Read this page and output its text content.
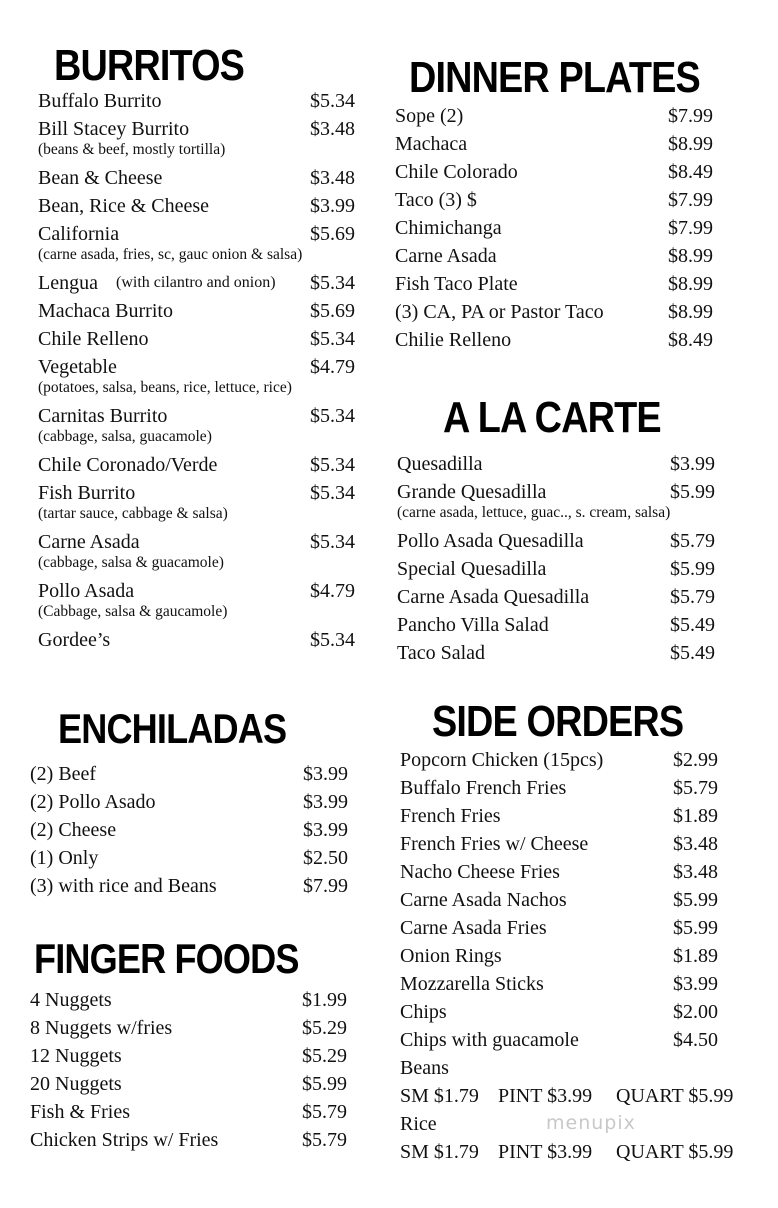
BURRITOS
Buffalo Burrito	$5.34
Bill Stacey Burrito	$3.48
(beans & beef, mostly tortilla)
Bean & Cheese	$3.48
Bean, Rice & Cheese	$3.99
California	$5.69
(carne asada, fries, sc, gauc onion & salsa)
Lengua (with cilantro and onion) $5.34
Machaca Burrito	$5.69
Chile Relleno	$5.34
Vegetable	$4.79
(potatoes, salsa, beans, rice, lettuce, rice)
Carnitas Burrito	$5.34
(cabbage, salsa, guacamole)
Chile Coronado/Verde	$5.34
Fish Burrito	$5.34
(tartar sauce, cabbage & salsa)
Carne Asada	$5.34
(cabbage, salsa & guacamole)
Pollo Asada	$4.79
(Cabbage, salsa & gaucamole)
Gordee’s	$5.34
ENCHILADAS
(2) Beef	$3.99
(2) Pollo Asado	$3.99
(2) Cheese	$3.99
(1) Only	$2.50
(3) with rice and Beans	$7.99
FINGER FOODS
4 Nuggets	$1.99
8 Nuggets w/fries	$5.29
12 Nuggets	$5.29
20 Nuggets	$5.99
Fish & Fries	$5.79
Chicken Strips w/ Fries	$5.79
DINNER PLATES
Sope (2)	$7.99
Machaca	$8.99
Chile Colorado	$8.49
Taco (3) $	$7.99
Chimichanga	$7.99
Carne Asada	$8.99
Fish Taco Plate	$8.99
(3) CA, PA or Pastor Taco	$8.99
Chilie Relleno	$8.49
A LA CARTE
Quesadilla	$3.99
Grande Quesadilla	$5.99
(carne asada, lettuce, guac.., s. cream, salsa)
Pollo Asada Quesadilla	$5.79
Special Quesadilla	$5.99
Carne Asada Quesadilla	$5.79
Pancho Villa Salad	$5.49
Taco Salad	$5.49
SIDE ORDERS
Popcorn Chicken (15pcs)	$2.99
Buffalo French Fries	$5.79
French Fries	$1.89
French Fries w/ Cheese	$3.48
Nacho Cheese Fries	$3.48
Carne Asada Nachos	$5.99
Carne Asada Fries	$5.99
Onion Rings	$1.89
Mozzarella Sticks	$3.99
Chips	$2.00
Chips with guacamole	$4.50
Beans
SM $1.79 PINT $3.99 QUART $5.99
Rice
SM $1.79 PINT $3.99 QUART $5.99
menupix
